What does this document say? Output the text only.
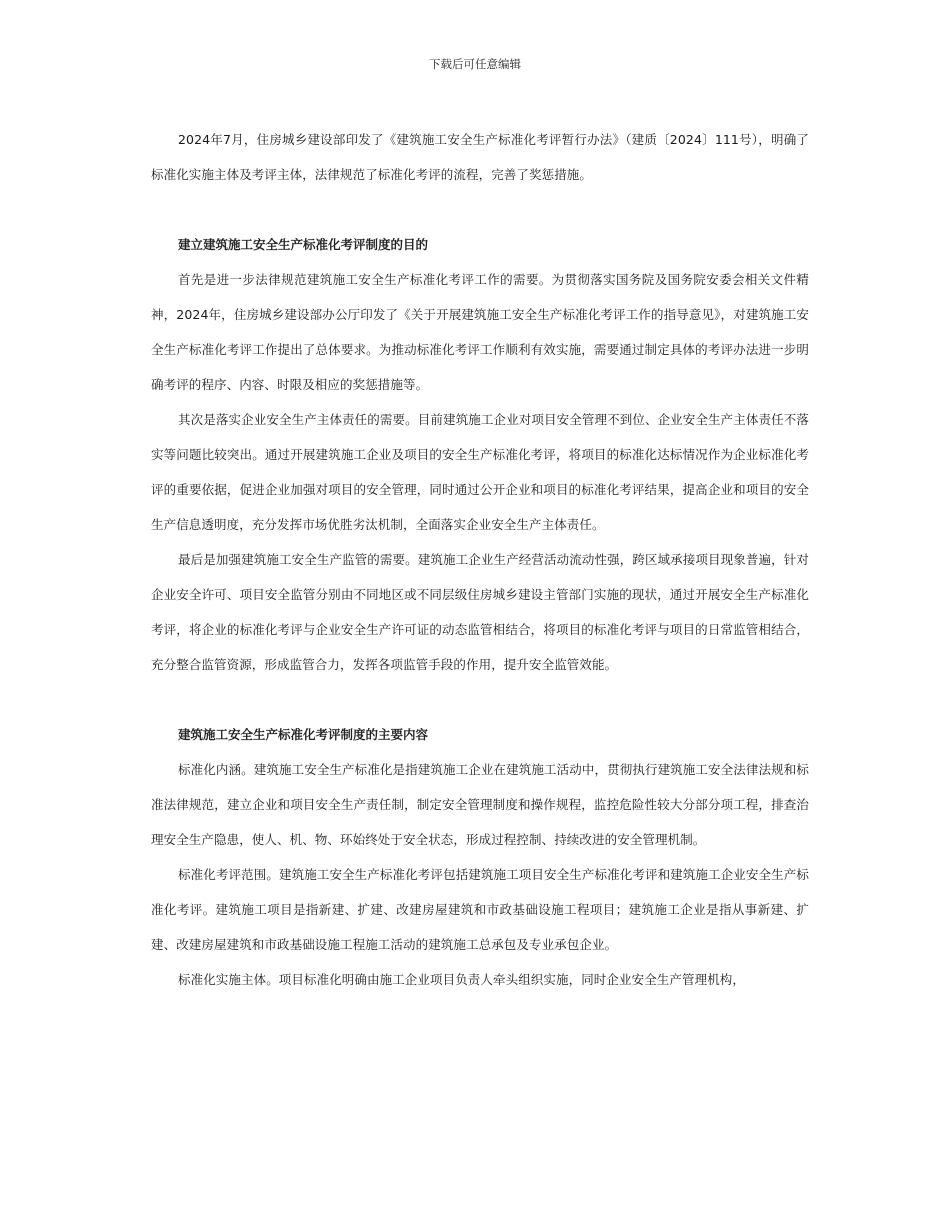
下载后可任意编辑

2024年7月，住房城乡建设部印发了《建筑施工安全生产标准化考评暂行办法》（建质〔2024〕111号），明确了标准化实施主体及考评主体，法律规范了标准化考评的流程，完善了奖惩措施。

建立建筑施工安全生产标准化考评制度的目的

首先是进一步法律规范建筑施工安全生产标准化考评工作的需要。为贯彻落实国务院及国务院安委会相关文件精神，2024年，住房城乡建设部办公厅印发了《关于开展建筑施工安全生产标准化考评工作的指导意见》，对建筑施工安全生产标准化考评工作提出了总体要求。为推动标准化考评工作顺利有效实施，需要通过制定具体的考评办法进一步明确考评的程序、内容、时限及相应的奖惩措施等。

其次是落实企业安全生产主体责任的需要。目前建筑施工企业对项目安全管理不到位、企业安全生产主体责任不落实等问题比较突出。通过开展建筑施工企业及项目的安全生产标准化考评，将项目的标准化达标情况作为企业标准化考评的重要依据，促进企业加强对项目的安全管理，同时通过公开企业和项目的标准化考评结果，提高企业和项目的安全生产信息透明度，充分发挥市场优胜劣汰机制，全面落实企业安全生产主体责任。

最后是加强建筑施工安全生产监管的需要。建筑施工企业生产经营活动流动性强，跨区域承接项目现象普遍，针对企业安全许可、项目安全监管分别由不同地区或不同层级住房城乡建设主管部门实施的现状，通过开展安全生产标准化考评，将企业的标准化考评与企业安全生产许可证的动态监管相结合，将项目的标准化考评与项目的日常监管相结合，充分整合监管资源，形成监管合力，发挥各项监管手段的作用，提升安全监管效能。

建筑施工安全生产标准化考评制度的主要内容

标准化内涵。建筑施工安全生产标准化是指建筑施工企业在建筑施工活动中，贯彻执行建筑施工安全法律法规和标准法律规范，建立企业和项目安全生产责任制，制定安全管理制度和操作规程，监控危险性较大分部分项工程，排查治理安全生产隐患，使人、机、物、环始终处于安全状态，形成过程控制、持续改进的安全管理机制。

标准化考评范围。建筑施工安全生产标准化考评包括建筑施工项目安全生产标准化考评和建筑施工企业安全生产标准化考评。建筑施工项目是指新建、扩建、改建房屋建筑和市政基础设施工程项目；建筑施工企业是指从事新建、扩建、改建房屋建筑和市政基础设施工程施工活动的建筑施工总承包及专业承包企业。

标准化实施主体。项目标准化明确由施工企业项目负责人牵头组织实施，同时企业安全生产管理机构，
